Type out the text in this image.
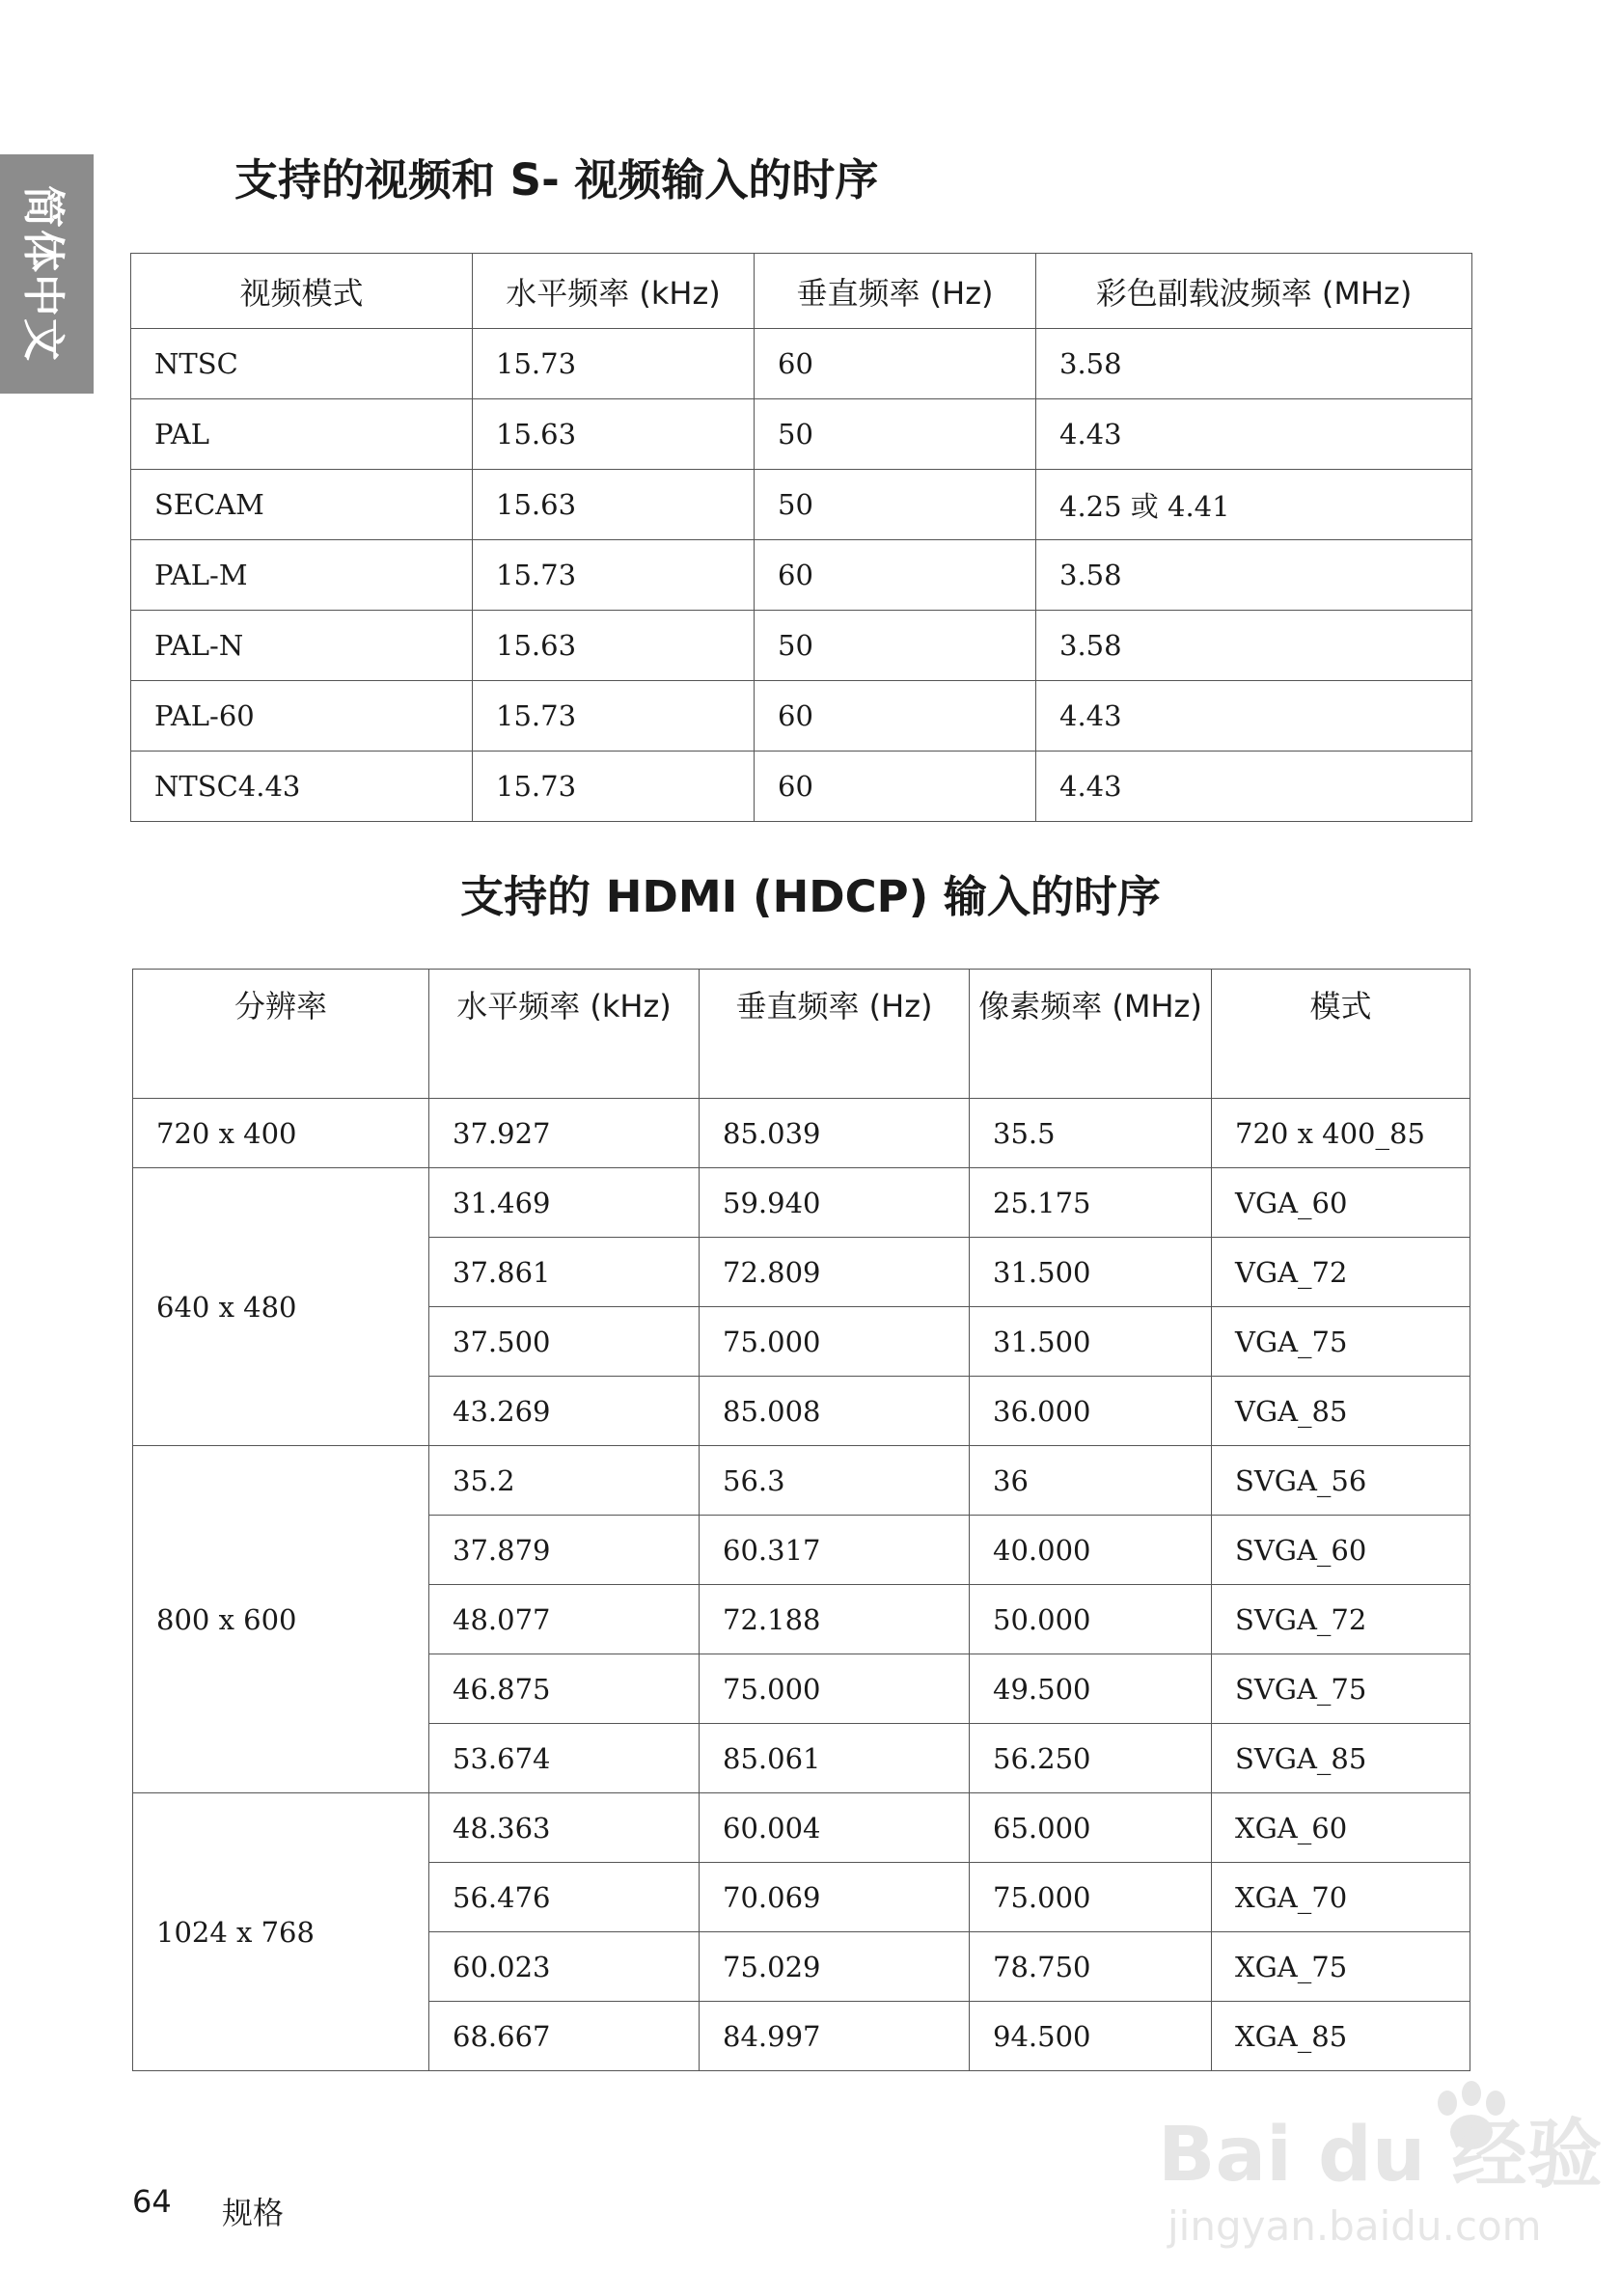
简体中文
支持的视频和 S- 视频输入的时序
视频模式	水平频率 (kHz)	垂直频率 (Hz)	彩色副载波频率 (MHz)
NTSC	15.73	60	3.58
PAL	15.63	50	4.43
SECAM	15.63	50	4.25 或 4.41
PAL-M	15.73	60	3.58
PAL-N	15.63	50	3.58
PAL-60	15.73	60	4.43
NTSC4.43	15.73	60	4.43
支持的 HDMI (HDCP) 输入的时序
分辨率	水平频率 (kHz)	垂直频率 (Hz)	像素频率 (MHz)	模式
720 x 400	37.927	85.039	35.5	720 x 400_85
640 x 480	31.469	59.940	25.175	VGA_60
	37.861	72.809	31.500	VGA_72
	37.500	75.000	31.500	VGA_75
	43.269	85.008	36.000	VGA_85
800 x 600	35.2	56.3	36	SVGA_56
	37.879	60.317	40.000	SVGA_60
	48.077	72.188	50.000	SVGA_72
	46.875	75.000	49.500	SVGA_75
	53.674	85.061	56.250	SVGA_85
1024 x 768	48.363	60.004	65.000	XGA_60
	56.476	70.069	75.000	XGA_70
	60.023	75.029	78.750	XGA_75
	68.667	84.997	94.500	XGA_85
64 规格
Bai du 经验
jingyan.baidu.com
